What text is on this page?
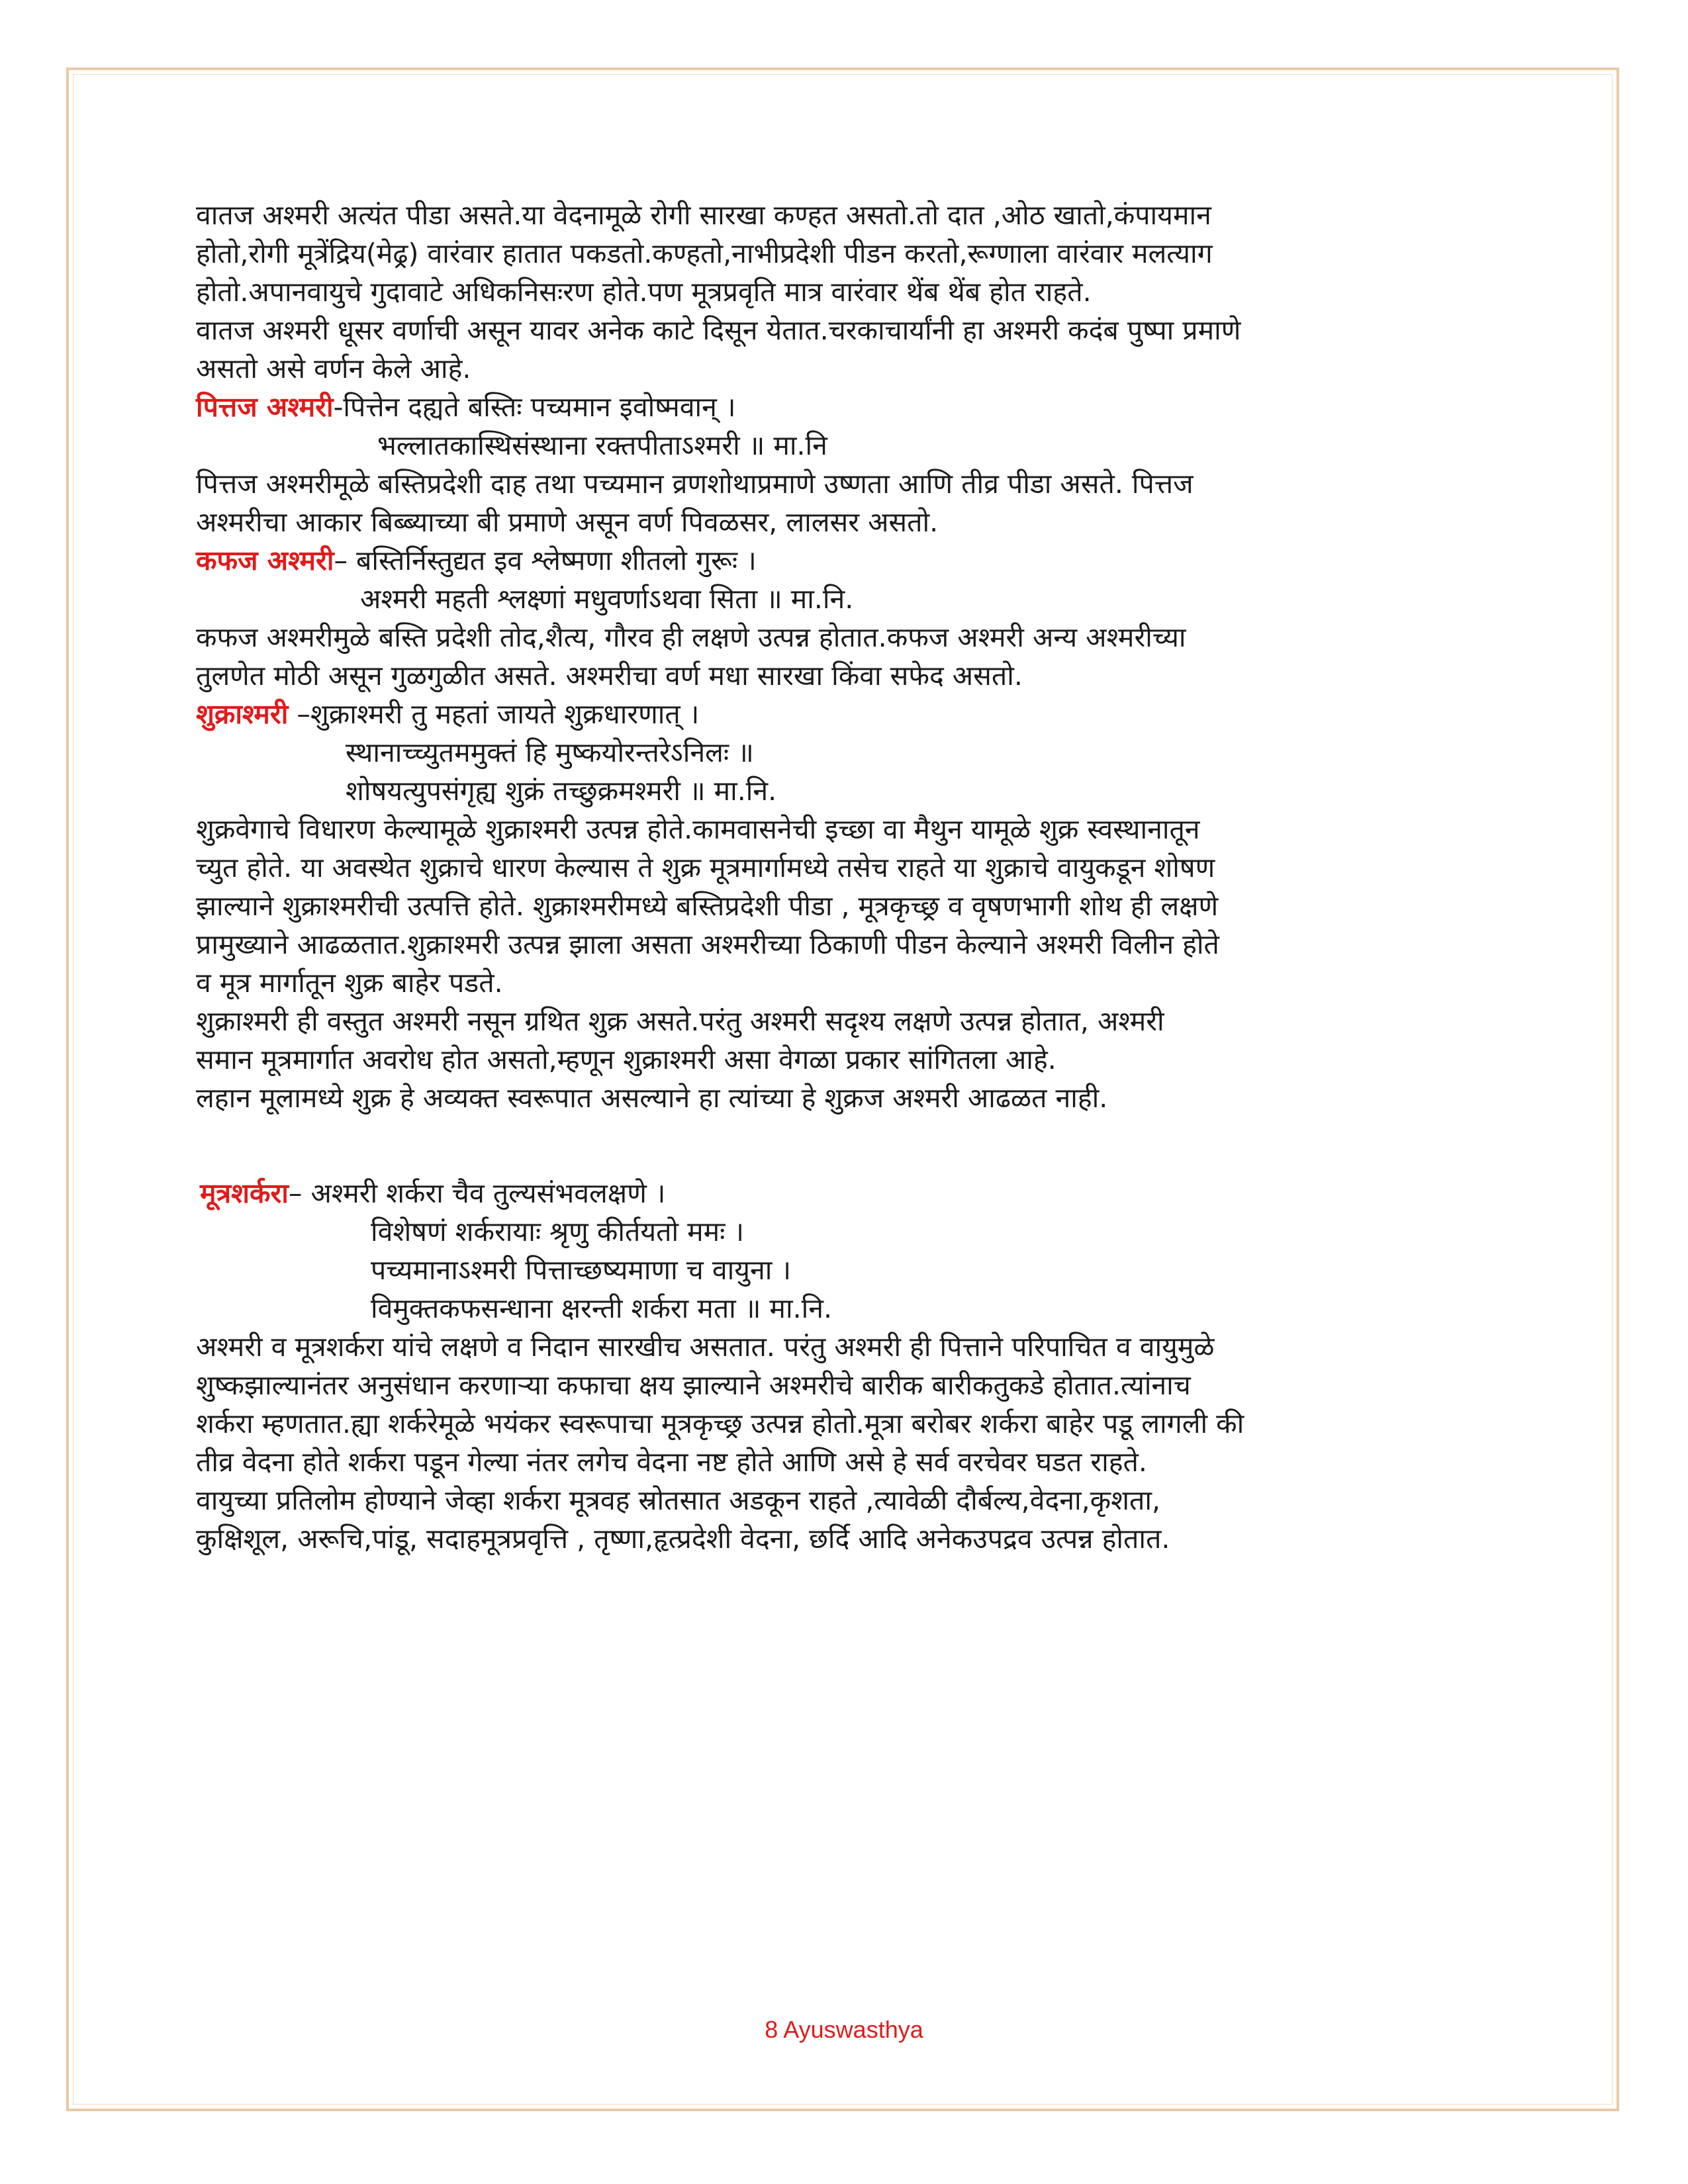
वातज अश्मरी अत्यंत पीडा असते.या वेदनामूळे रोगी सारखा कण्हत असतो.तो दात ,ओठ खातो,कंपायमान
होतो,रोगी मूत्रेंद्रिय(मेढ्र) वारंवार हातात पकडतो.कण्हतो,नाभीप्रदेशी पीडन करतो,रूग्णाला वारंवार मलत्याग
होतो.अपानवायुचे गुदावाटे अधिकनिसःरण होते.पण मूत्रप्रवृति मात्र वारंवार थेंब थेंब होत राहते.
वातज अश्मरी धूसर वर्णाची असून यावर अनेक काटे दिसून येतात.चरकाचार्यांनी हा अश्मरी कदंब पुष्पा प्रमाणे
असतो असे वर्णन केले आहे.
पित्तज अश्मरी-पित्तेन दह्यते बस्तिः पच्यमान इवोष्मवान् ।
भल्लातकास्थिसंस्थाना रक्तपीताऽश्मरी ॥ मा.नि
पित्तज अश्मरीमूळे बस्तिप्रदेशी दाह तथा पच्यमान व्रणशोथाप्रमाणे उष्णता आणि तीव्र पीडा असते. पित्तज
अश्मरीचा आकार बिब्ब्याच्या बी प्रमाणे असून वर्ण पिवळसर, लालसर असतो.
कफज अश्मरी– बस्तिर्निस्तुद्यत इव श्लेष्मणा शीतलो गुरूः ।
अश्मरी महती श्लक्ष्णां मधुवर्णाऽथवा सिता ॥ मा.नि.
कफज अश्मरीमुळे बस्ति प्रदेशी तोद,शैत्य, गौरव ही लक्षणे उत्पन्न होतात.कफज अश्मरी अन्य अश्मरीच्या
तुलणेत मोठी असून गुळगुळीत असते. अश्मरीचा वर्ण मधा सारखा किंवा सफेद असतो.
शुक्राश्मरी –शुक्राश्मरी तु महतां जायते शुक्रधारणात् ।
स्थानाच्च्युतममुक्तं हि मुष्कयोरन्तरेऽनिलः ॥
शोषयत्युपसंगृह्य शुक्रं तच्छुक्रमश्मरी ॥ मा.नि.
शुक्रवेगाचे विधारण केल्यामूळे शुक्राश्मरी उत्पन्न होते.कामवासनेची इच्छा वा मैथुन यामूळे शुक्र स्वस्थानातून
च्युत होते. या अवस्थेत शुक्राचे धारण केल्यास ते शुक्र मूत्रमार्गामध्ये तसेच राहते या शुक्राचे वायुकडून शोषण
झाल्याने शुक्राश्मरीची उत्पत्ति होते. शुक्राश्मरीमध्ये बस्तिप्रदेशी पीडा , मूत्रकृच्छ्र व वृषणभागी शोथ ही लक्षणे
प्रामुख्याने आढळतात.शुक्राश्मरी उत्पन्न झाला असता अश्मरीच्या ठिकाणी पीडन केल्याने अश्मरी विलीन होते
व मूत्र मार्गातून शुक्र बाहेर पडते.
शुक्राश्मरी ही वस्तुत अश्मरी नसून ग्रथित शुक्र असते.परंतु अश्मरी सदृश्य लक्षणे उत्पन्न होतात, अश्मरी
समान मूत्रमार्गात अवरोध होत असतो,म्हणून शुक्राश्मरी असा वेगळा प्रकार सांगितला आहे.
लहान मूलामध्ये शुक्र हे अव्यक्त स्वरूपात असल्याने हा त्यांच्या हे शुक्रज अश्मरी आढळत नाही.
मूत्रशर्करा– अश्मरी शर्करा चैव तुल्यसंभवलक्षणे ।
विशेषणं शर्करायाः श्रृणु कीर्तयतो ममः ।
पच्यमानाऽश्मरी पित्ताच्छष्यमाणा च वायुना ।
विमुक्तकफसन्धाना क्षरन्ती शर्करा मता ॥ मा.नि.
अश्मरी व मूत्रशर्करा यांचे लक्षणे व निदान सारखीच असतात. परंतु अश्मरी ही पित्ताने परिपाचित व वायुमुळे
शुष्कझाल्यानंतर अनुसंधान करणाऱ्या कफाचा क्षय झाल्याने अश्मरीचे बारीक बारीकतुकडे होतात.त्यांनाच
शर्करा म्हणतात.ह्या शर्करेमूळे भयंकर स्वरूपाचा मूत्रकृच्छ्र उत्पन्न होतो.मूत्रा बरोबर शर्करा बाहेर पडू लागली की
तीव्र वेदना होते शर्करा पडून गेल्या नंतर लगेच वेदना नष्ट होते आणि असे हे सर्व वरचेवर घडत राहते.
वायुच्या प्रतिलोम होण्याने जेव्हा शर्करा मूत्रवह स्रोतसात अडकून राहते ,त्यावेळी दौर्बल्य,वेदना,कृशता,
कुक्षिशूल, अरूचि,पांडू, सदाहमूत्रप्रवृत्ति , तृष्णा,हृत्प्रदेशी वेदना, छर्दि आदि अनेकउपद्रव उत्पन्न होतात.
8 Ayuswasthya
